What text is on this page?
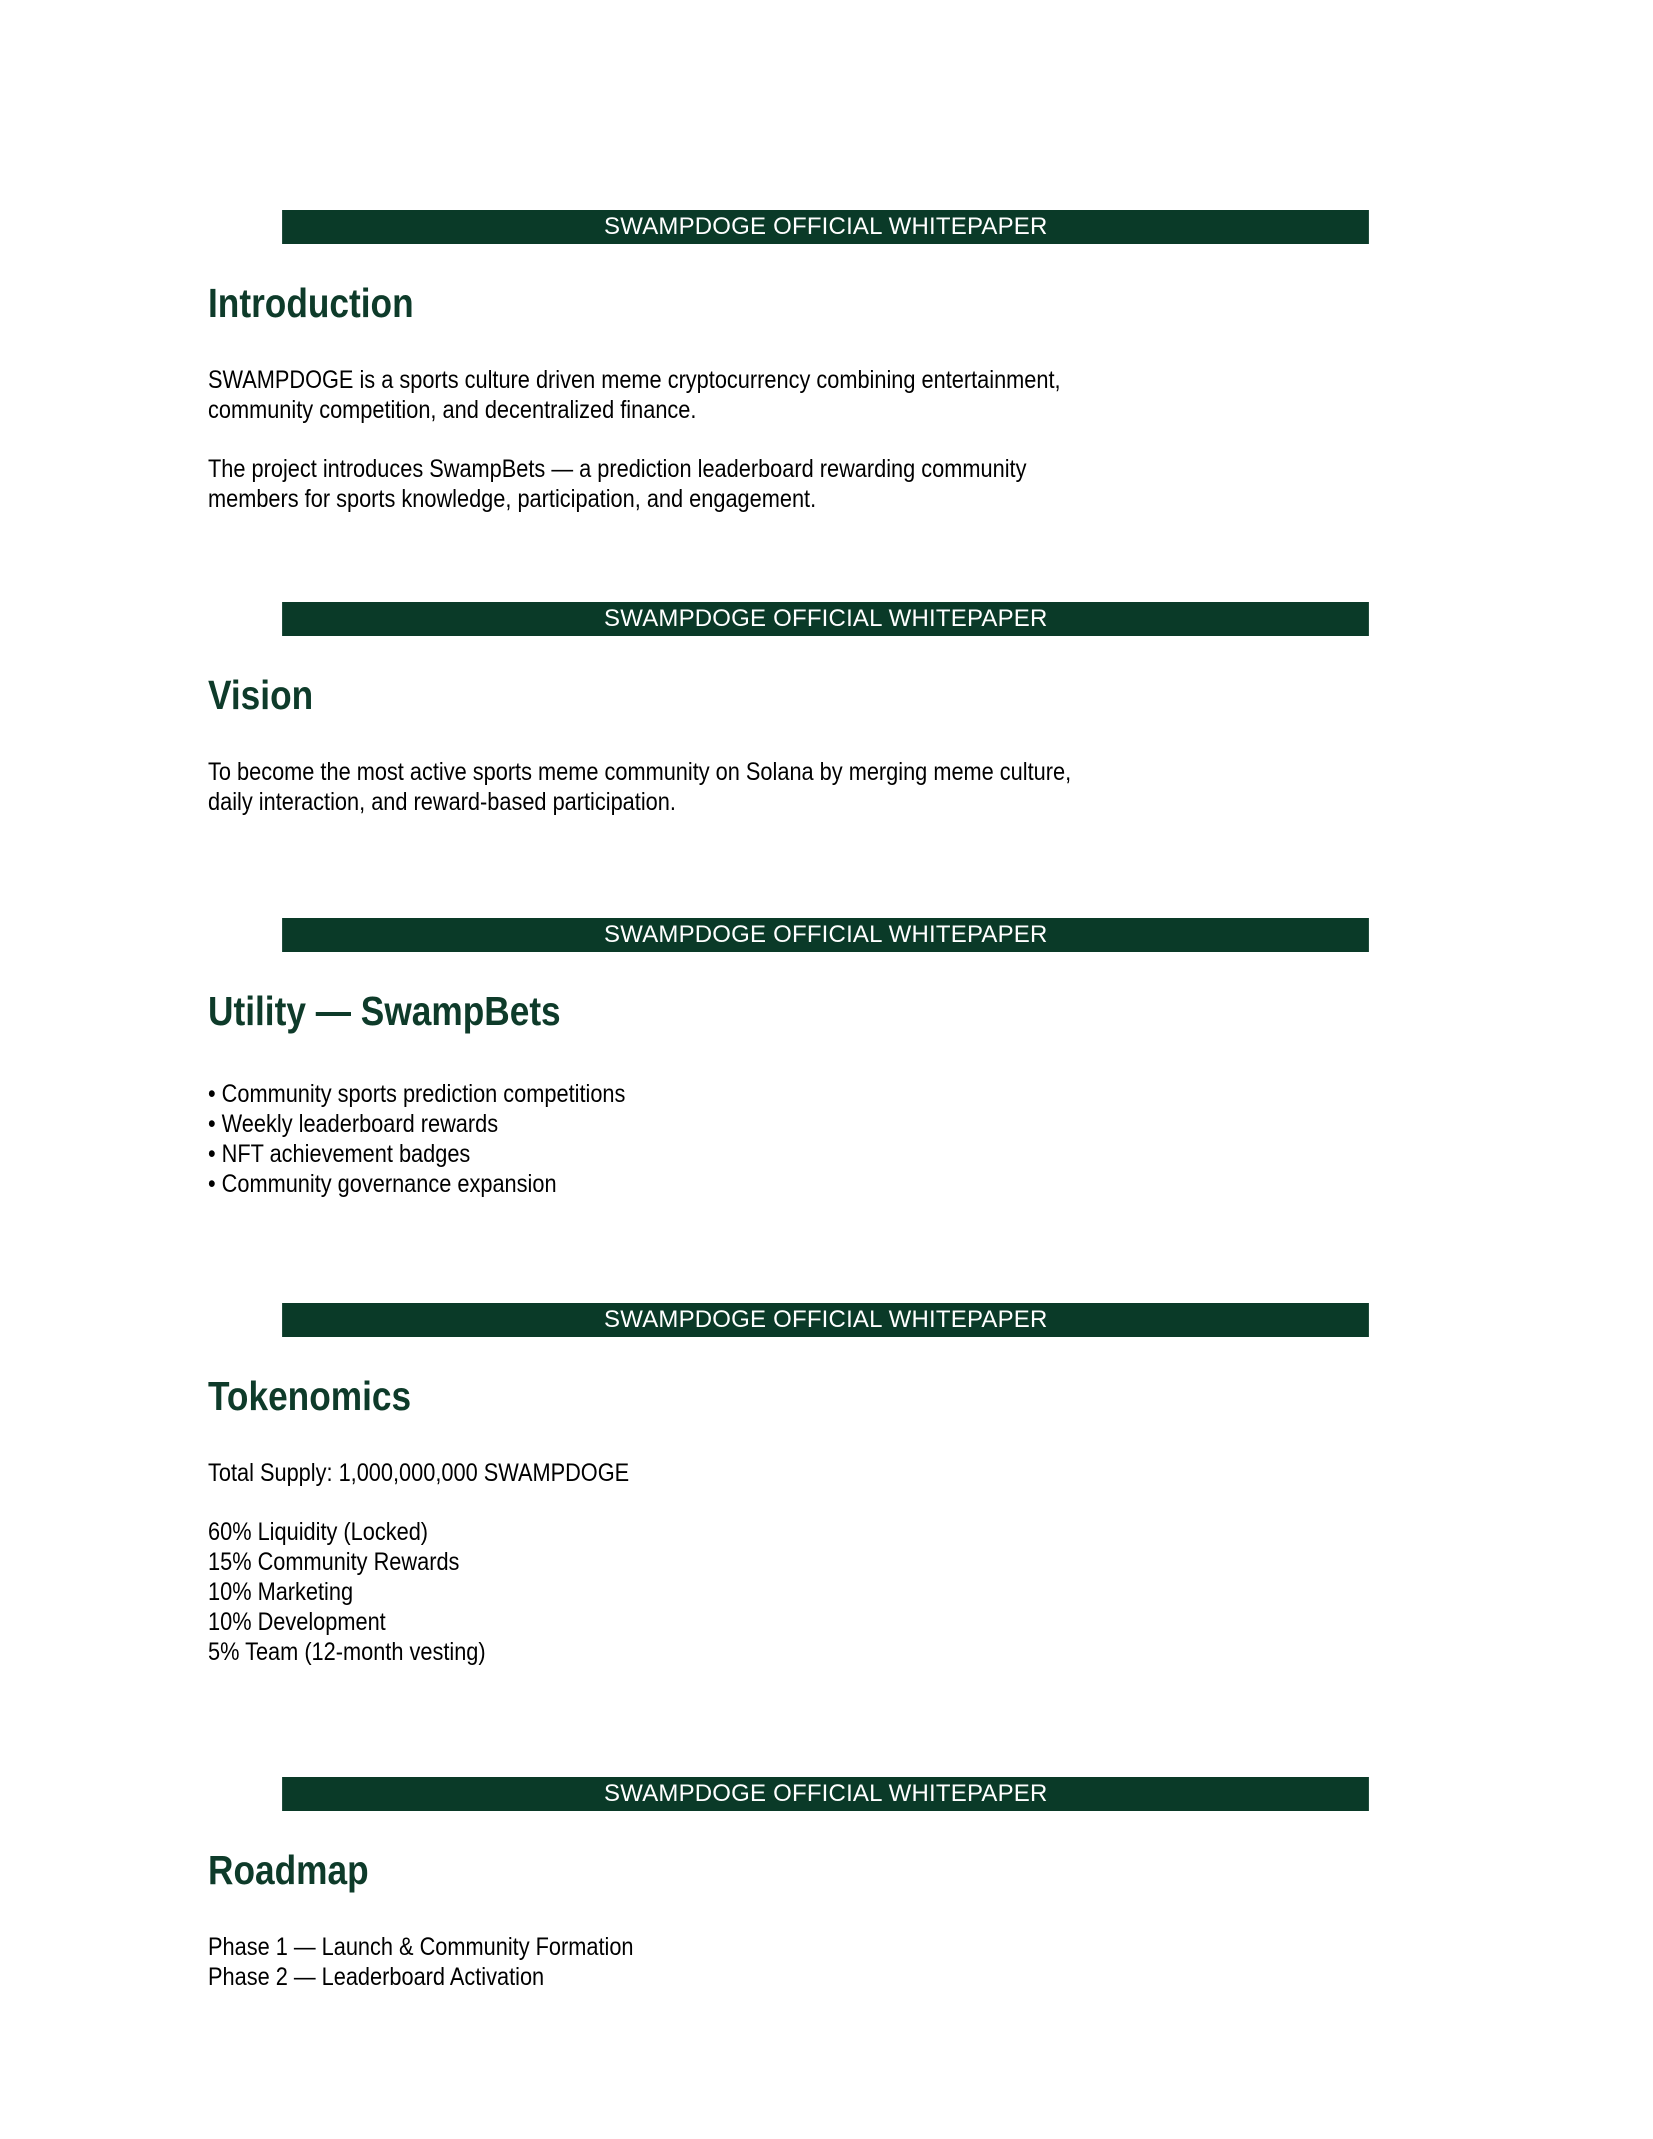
SWAMPDOGE OFFICIAL WHITEPAPER
Introduction

SWAMPDOGE is a sports culture driven meme cryptocurrency combining entertainment,

community competition, and decentralized finance.

The project introduces SwampBets — a prediction leaderboard rewarding community

members for sports knowledge, participation, and engagement.

SWAMPDOGE OFFICIAL WHITEPAPER
Vision

To become the most active sports meme community on Solana by merging meme culture,

daily interaction, and reward-based participation.

SWAMPDOGE OFFICIAL WHITEPAPER
Utility — SwampBets

• Community sports prediction competitions

• Weekly leaderboard rewards

• NFT achievement badges

• Community governance expansion

SWAMPDOGE OFFICIAL WHITEPAPER
Tokenomics

Total Supply: 1,000,000,000 SWAMPDOGE

60% Liquidity (Locked)

15% Community Rewards

10% Marketing

10% Development

5% Team (12-month vesting)

SWAMPDOGE OFFICIAL WHITEPAPER
Roadmap

Phase 1 — Launch & Community Formation

Phase 2 — Leaderboard Activation
